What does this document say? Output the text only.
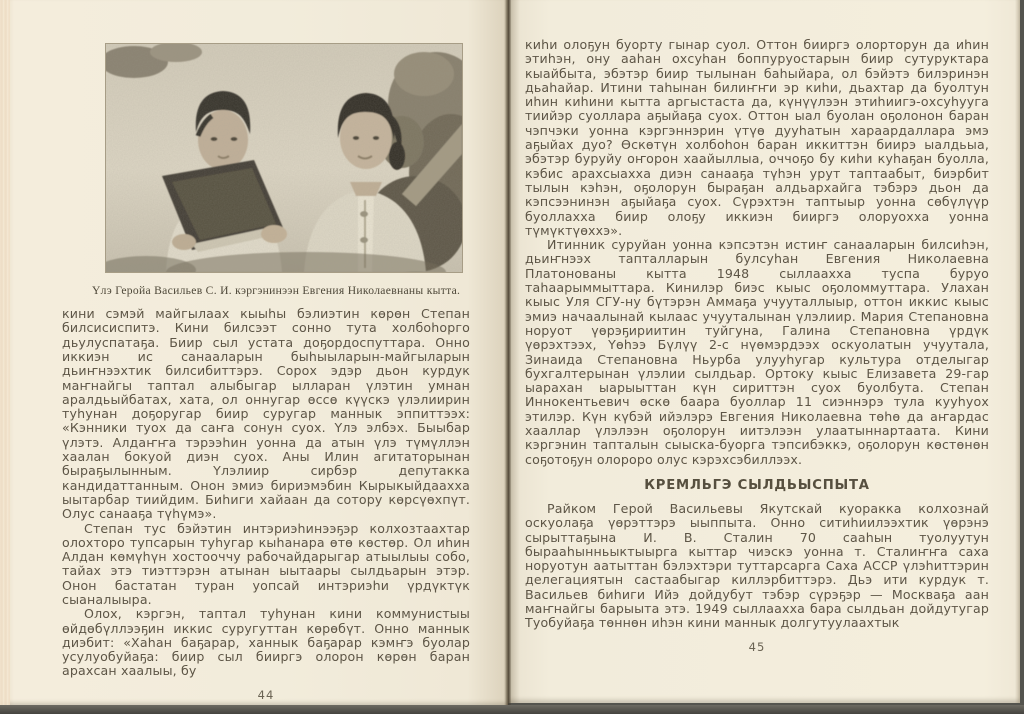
Үлэ Геройа Васильев С. И. кэргэнинээн Евгения Николаевнаны кытта.

кини сэмэй майгылаах кыыһы бэлиэтин көрөн Степан билсисиспитэ. Кини билсээт сонно тута холбоһорго дьулуспатаҕа. Биир сыл устата доҕордоспуттара. Онно иккиэн ис санааларын быһыыларын-майгыларын дьиҥнээхтик билсибиттэрэ. Сорох эдэр дьон курдук маҥнайгы таптал алыбыгар ылларан үлэтин умнан аралдьыйбатах, хата, ол оннугар өссө күүскэ үлэлиирин туһунан доҕоругар биир суругар маннык эппиттээх: «Кэнники туох да саҥа сонун суох. Үлэ элбэх. Быыбар үлэтэ. Алдаҥҥа тэрээһин уонна да атын үлэ түмүллэн хаалан бокуой диэн суох. Аны Илин агитаторынан быраҕылынным. Үлэлиир сирбэр депутакка кандидаттанным. Онон эмиэ бириэмэбин Кырыкыйдаахха ыытарбар тиийдим. Биһиги хайаан да сотору көрсүөхпүт. Олус санааҕа түһүмэ».

Степан тус бэйэтин интэриэһинээҕэр колхозтаахтар олохторо тупсарын туһугар кыһанара өтө көстөр. Ол иһин Алдан көмүһүн хостооччу рабочайдарыгар атыылыы собо, тайах этэ тиэттэрэн атынан ыытаары сылдьарын этэр. Онон бастатан туран уопсай интэриэһи үрдүктүк сыаналыыра.

Олох, кэргэн, таптал туһунан кини коммунистыы өйдөбүллээҕин иккис суругуттан көрөбүт. Онно маннык диэбит: «Хаһан баҕарар, ханнык баҕарар кэмҥэ буолар усулуобуйаҕа: биир сыл бииргэ олорон көрөн баран арахсан хаалыы, бу

44

киһи олоҕун буорту гынар суол. Оттон бииргэ олорторун да иһин этиһэн, ону ааһан охсуһан боппуруостарын биир сутуруктара кыайбыта, эбэтэр биир тылынан баһыйара, ол бэйэтэ билэринэн дьаһайар. Итини таһынан билиҥҥи эр киһи, дьахтар да буолтун иһин киһини кытта аргыстаста да, күнүүлээн этиһиигэ-охсуһууга тиийэр суоллара аҕыйаҕа суох. Оттон ыал буолан оҕолонон баран чэпчэки уонна кэргэннэрин үтүө дууһатын хараардаллара эмэ аҕыйах дуо? Өскөтүн холбоһон баран иккиттэн биирэ ыалдьыа, эбэтэр буруйу оҥорон хаайыллыа, оччоҕо бу киһи куһаҕан буолла, кэбис арахсыахха диэн санааҕа түһэн урут таптаабыт, биэрбит тылын кэһэн, оҕолорун быраҕан алдьархайга тэбэрэ дьон да кэпсээнинэн аҕыйаҕа суох. Сүрэхтэн таптыыр уонна сөбүлүүр буоллахха биир олоҕу иккиэн бииргэ олоруохха уонна түмүктүөххэ».

Итинник суруйан уонна кэпсэтэн истиҥ санааларын билсиһэн, дьиҥнээх тапталларын булсуһан Евгения Николаевна Платонованы кытта 1948 сыллаахха туспа буруо таһаарыммыттара. Кинилэр биэс кыыс оҕоломмуттара. Улахан кыыс Уля СГУ-ну бүтэрэн Аммаҕа учууталлыыр, оттон иккис кыыс эмиэ начаалынай кылаас учууталынан үлэлиир. Мария Степановна норуот үөрэҕириитин туйгуна, Галина Степановна үрдүк үөрэхтээх, Үөһээ Бүлүү 2-с нүөмэрдээх оскуолатын учуутала, Зинаида Степановна Ньурба улууһугар культура отделыгар бухгалтерынан үлэлии сылдьар. Ортоку кыыс Елизавета 29-гар ыарахан ыарыыттан күн сириттэн суох буолбута. Степан Иннокентьевич өскө баара буоллар 11 сиэннэрэ тула кууһуох этилэр. Күн күбэй ийэлэрэ Евгения Николаевна төһө да аҥардас хааллар үлэлээн оҕолорун иитэлээн улаатыннартаата. Кини кэргэнин тапталын сыыска-буорга тэпсибэккэ, оҕолорун көстөнөн соҕотоҕун олороро олус кэрэхсэбиллээх.

КРЕМЛЬГЭ СЫЛДЬЫСПЫТА

Райком Герой Васильевы Якутскай куоракка колхознай оскуолаҕа үөрэттэрэ ыыппыта. Онно ситиһиилээхтик үөрэнэ сырыттаҕына И. В. Сталин 70 сааһын туолуутун бырааһынньыктыырга кыттар чиэскэ уонна т. Сталиҥҥа саха норуотун аатыттан бэлэхтэри туттарсарга Саха АССР үлэһиттэрин делегациятын састаабыгар киллэрбиттэрэ. Дьэ ити курдук т. Васильев биһиги Ийэ дойдубут тэбэр сүрэҕэр — Москваҕа аан маҥнайгы барыыта этэ. 1949 сыллаахха бара сылдьан дойдутугар Туобуйаҕа төннөн иһэн кини маннык долгутуулаахтык

45
